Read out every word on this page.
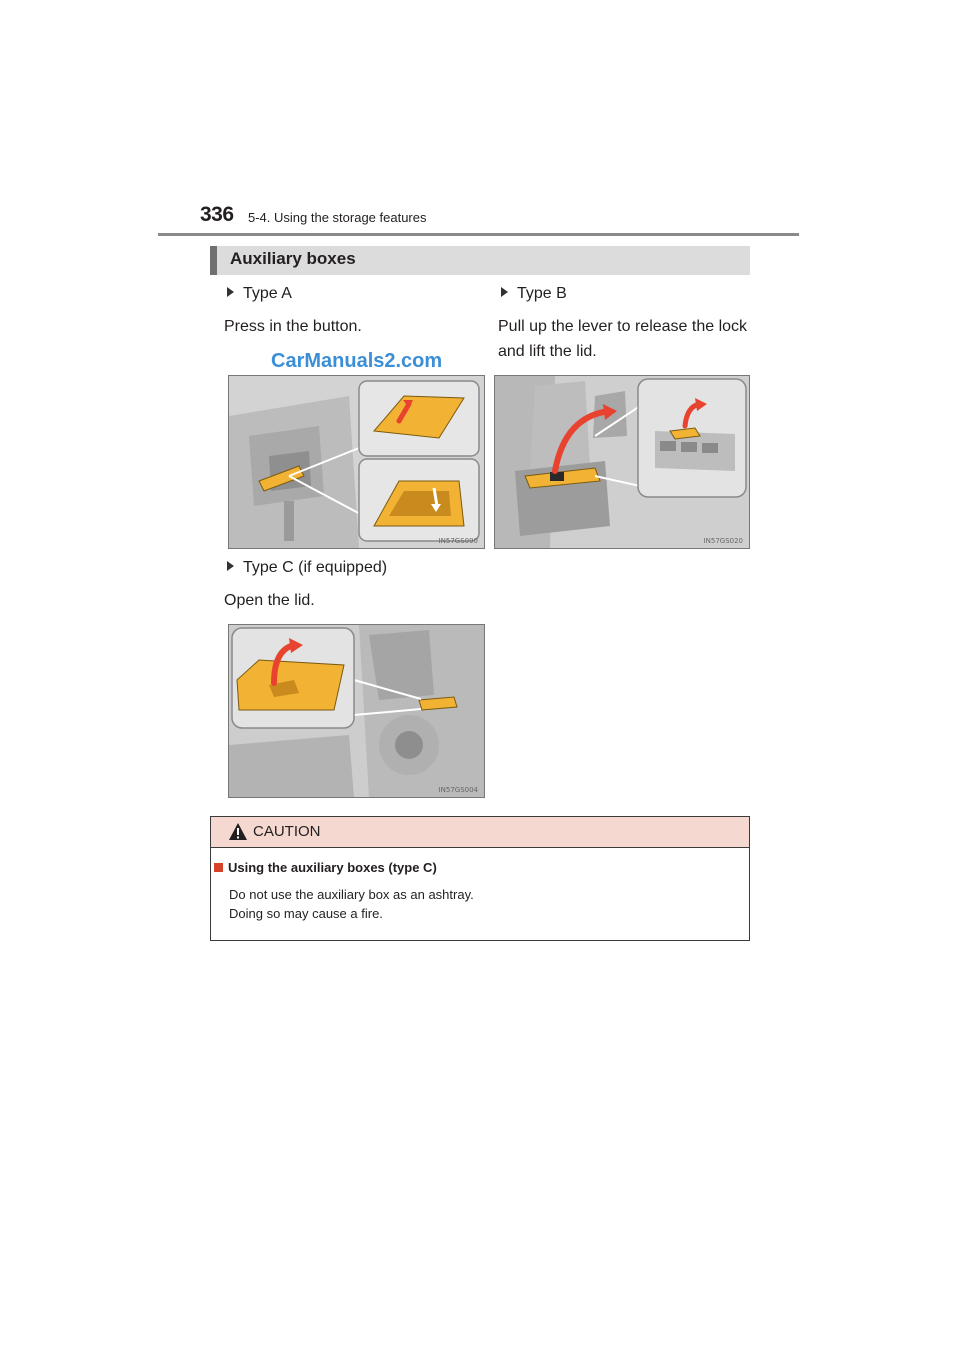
336 5-4. Using the storage features
Auxiliary boxes
Type A
Press in the button.
Type B
Pull up the lever to release the lock
and lift the lid.
CarManuals2.com
IN57GS090	IN57GS020
Type C (if equipped)
Open the lid.
IN57GS004
CAUTION
Using the auxiliary boxes (type C)
Do not use the auxiliary box as an ashtray.
Doing so may cause a fire.
